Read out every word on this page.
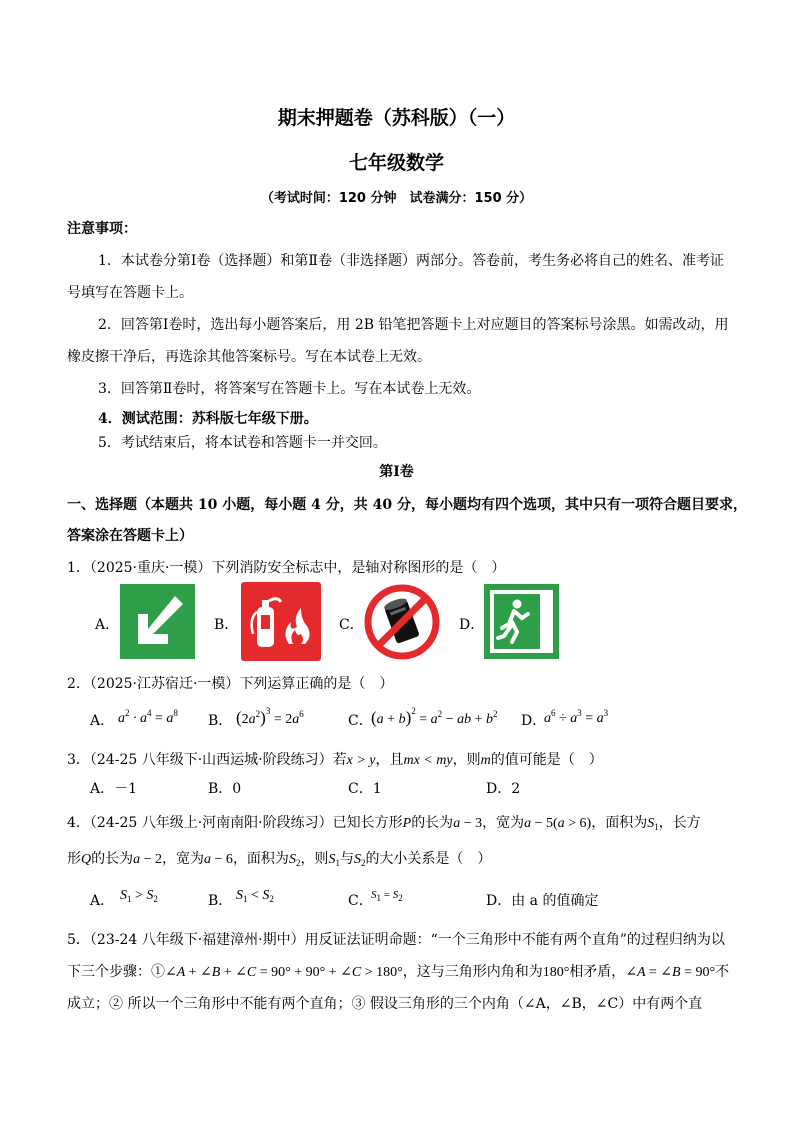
期末押题卷（苏科版）（一）
七年级数学
（考试时间：120 分钟　试卷满分：150 分）
注意事项：
1．本试卷分第Ⅰ卷（选择题）和第Ⅱ卷（非选择题）两部分。答卷前，考生务必将自己的姓名、准考证
号填写在答题卡上。
2．回答第Ⅰ卷时，选出每小题答案后，用 2B 铅笔把答题卡上对应题目的答案标号涂黑。如需改动，用
橡皮擦干净后，再选涂其他答案标号。写在本试卷上无效。
3．回答第Ⅱ卷时，将答案写在答题卡上。写在本试卷上无效。
4．测试范围：苏科版七年级下册。
5．考试结束后，将本试卷和答题卡一并交回。
第Ⅰ卷
一、选择题（本题共 10 小题，每小题 4 分，共 40 分，每小题均有四个选项，其中只有一项符合题目要求，
答案涂在答题卡上）
1．（2025·重庆·一模）下列消防安全标志中，是轴对称图形的是（　）
A．	B．	C．	D．
2．（2025·江苏宿迁·一模）下列运算正确的是（　）
A． $a^2 \cdot a^4 = a^8$ B． $(2a^2)^3 = 2a^6$	C．
$(a + b)^2 = a^2$ − ab + $b^2$ D．
$a^6 \div a^3 = a^3$
3．（24-25 八年级下·山西运城·阶段练习）若x > y，且mx < my，则m的值可能是（　）
A．－1	B．0	C．1	D．2
4．（24-25 八年级上·河南南阳·阶段练习）已知长方形P的长为a − 3，宽为a − 5(a > 6)，面积为$S_1$，长方
形Q的长为a − 2，宽为a − 6，面积为$S_2$，则$S_1$与$S_2$的大小关系是（　）
A． $S_1 > S_2$	B． $S_1 < S_2$	C．
$S_1 = S_2$	D．由 a 的值确定
5．（23-24 八年级下·福建漳州·期中）用反证法证明命题：“一个三角形中不能有两个直角”的过程归纳为以
下三个步骤：①∠A + ∠B + ∠C = 90° + 90° + ∠C > 180°，这与三角形内角和为180°相矛盾，∠A = ∠B = 90°不
成立；② 所以一个三角形中不能有两个直角；③ 假设三角形的三个内角（∠A，∠B，∠C）中有两个直
